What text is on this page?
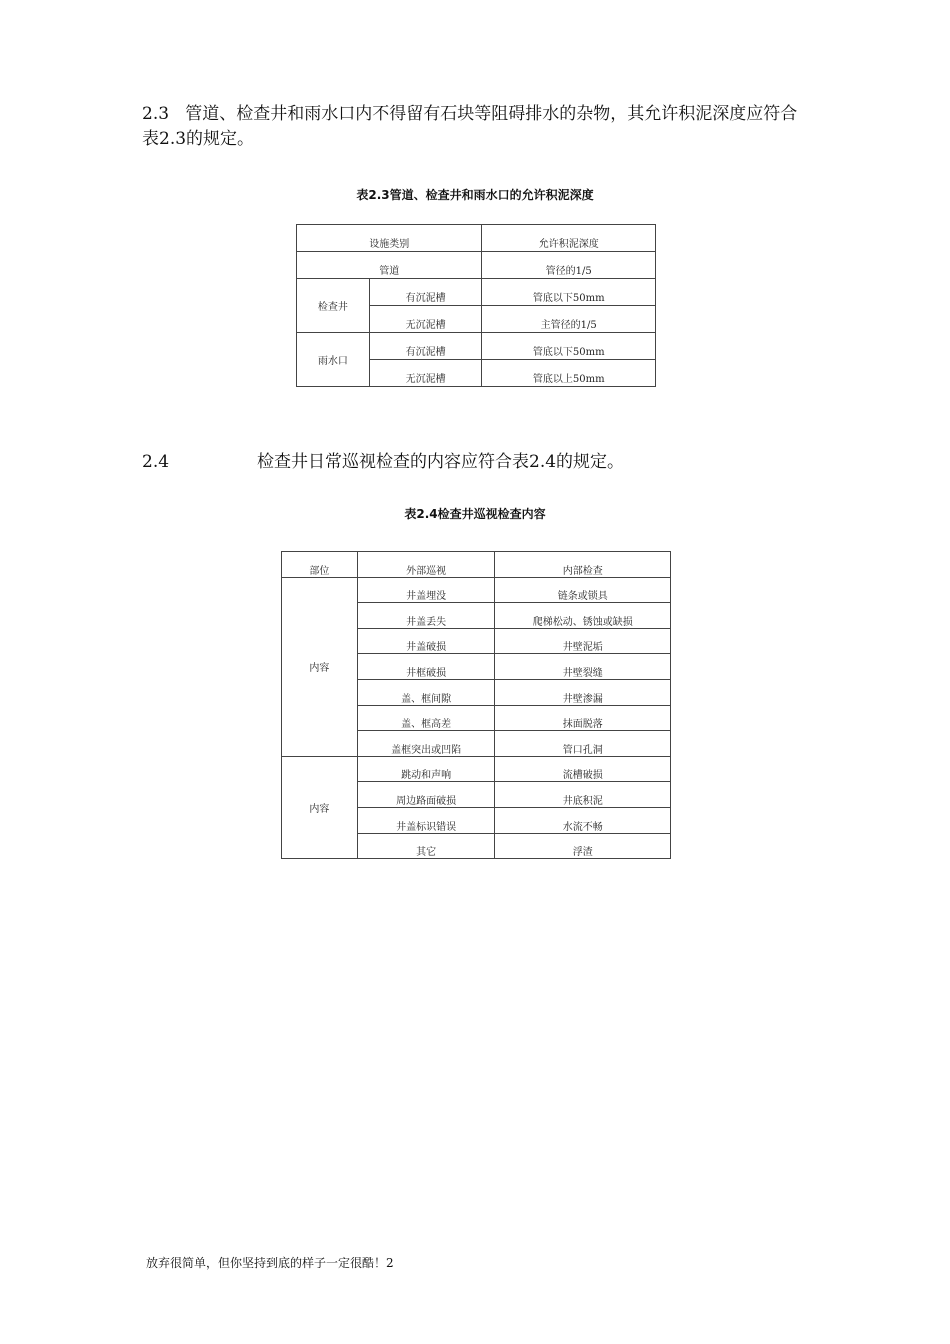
2.3 管道、检查井和雨水口内不得留有石块等阻碍排水的杂物，其允许积泥深度应符合表2.3的规定。

表2.3管道、检查井和雨水口的允许积泥深度
设施类别		允许积泥深度
管道		管径的1/5
检查井	有沉泥槽	管底以下50mm
	无沉泥槽	主管径的1/5
雨水口	有沉泥槽	管底以下50mm
	无沉泥槽	管底以上50mm

2.4	检查井日常巡视检查的内容应符合表2.4的规定。

表2.4检查井巡视检查内容
部位	外部巡视	内部检查
内容	井盖埋没	链条或锁具
	井盖丢失	爬梯松动、锈蚀或缺损
	井盖破损	井壁泥垢
	井框破损	井壁裂缝
	盖、框间隙	井壁渗漏
	盖、框高差	抹面脱落
	盖框突出或凹陷	管口孔洞
内容	跳动和声响	流槽破损
	周边路面破损	井底积泥
	井盖标识错误	水流不畅
	其它	浮渣
放弃很简单，但你坚持到底的样子一定很酷！2
